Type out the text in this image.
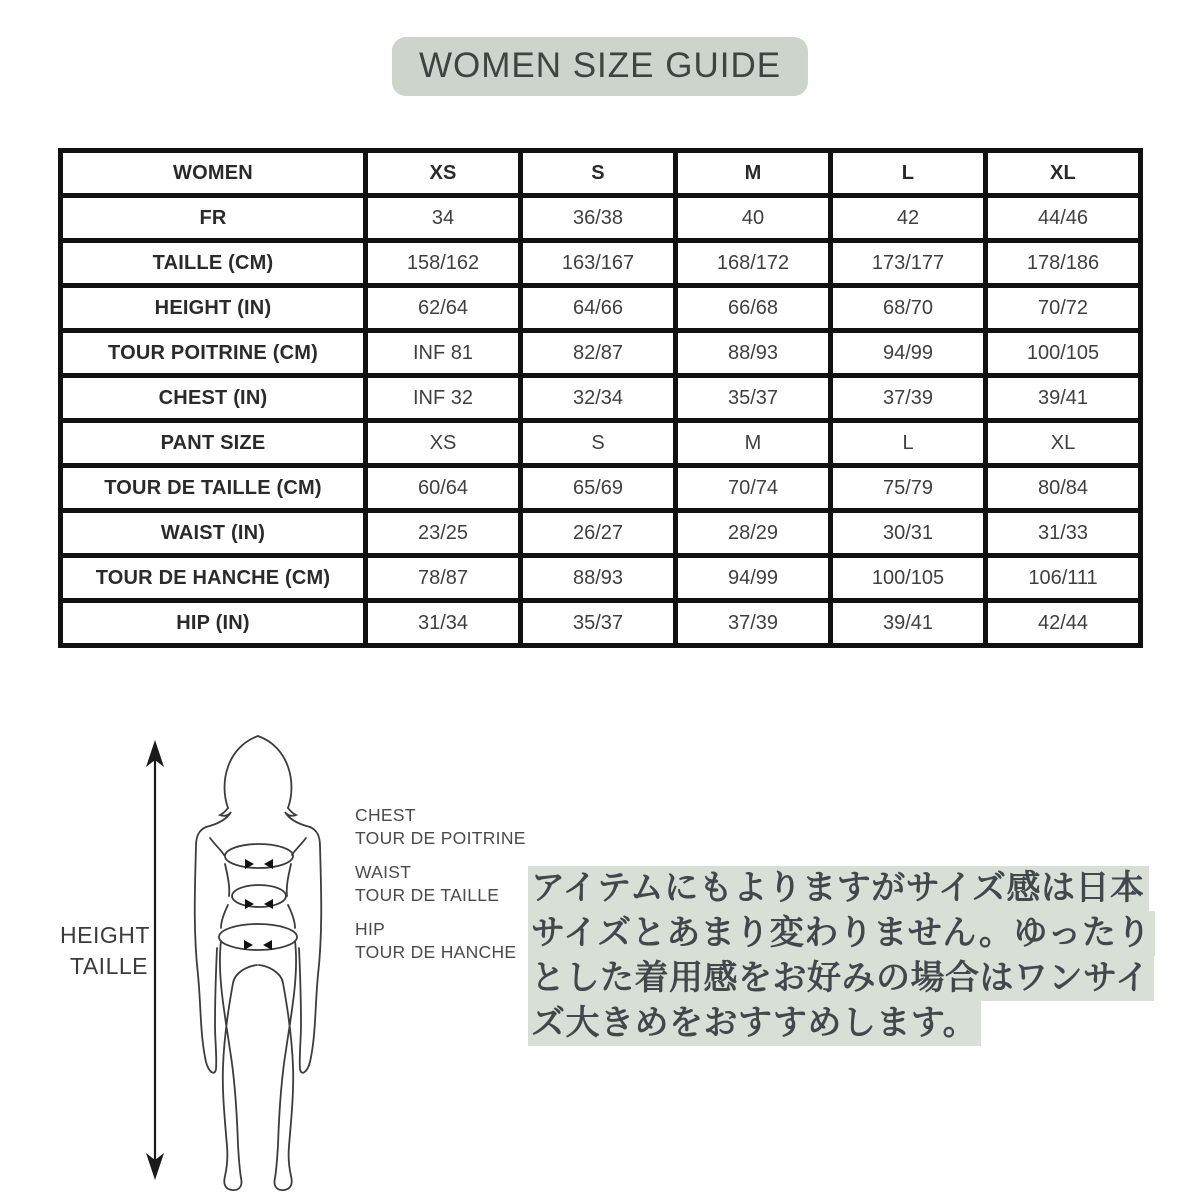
WOMEN SIZE GUIDE
WOMEN	XS	S	M	L	XL
FR	34	36/38	40	42	44/46
TAILLE (CM)	158/162	163/167	168/172	173/177	178/186
HEIGHT (IN)	62/64	64/66	66/68	68/70	70/72
TOUR POITRINE (CM)	INF 81	82/87	88/93	94/99	100/105
CHEST (IN)	INF 32	32/34	35/37	37/39	39/41
PANT SIZE	XS	S	M	L	XL
TOUR DE TAILLE (CM)	60/64	65/69	70/74	75/79	80/84
WAIST (IN)	23/25	26/27	28/29	30/31	31/33
TOUR DE HANCHE (CM)	78/87	88/93	94/99	100/105	106/111
HIP (IN)	31/34	35/37	37/39	39/41	42/44
HEIGHT
TAILLE
CHEST
TOUR DE POITRINE
WAIST
TOUR DE TAILLE
HIP
TOUR DE HANCHE
アイテムにもよりますがサイズ感は日本
サイズとあまり変わりません。ゆったり
とした着用感をお好みの場合はワンサイ
ズ大きめをおすすめします。
